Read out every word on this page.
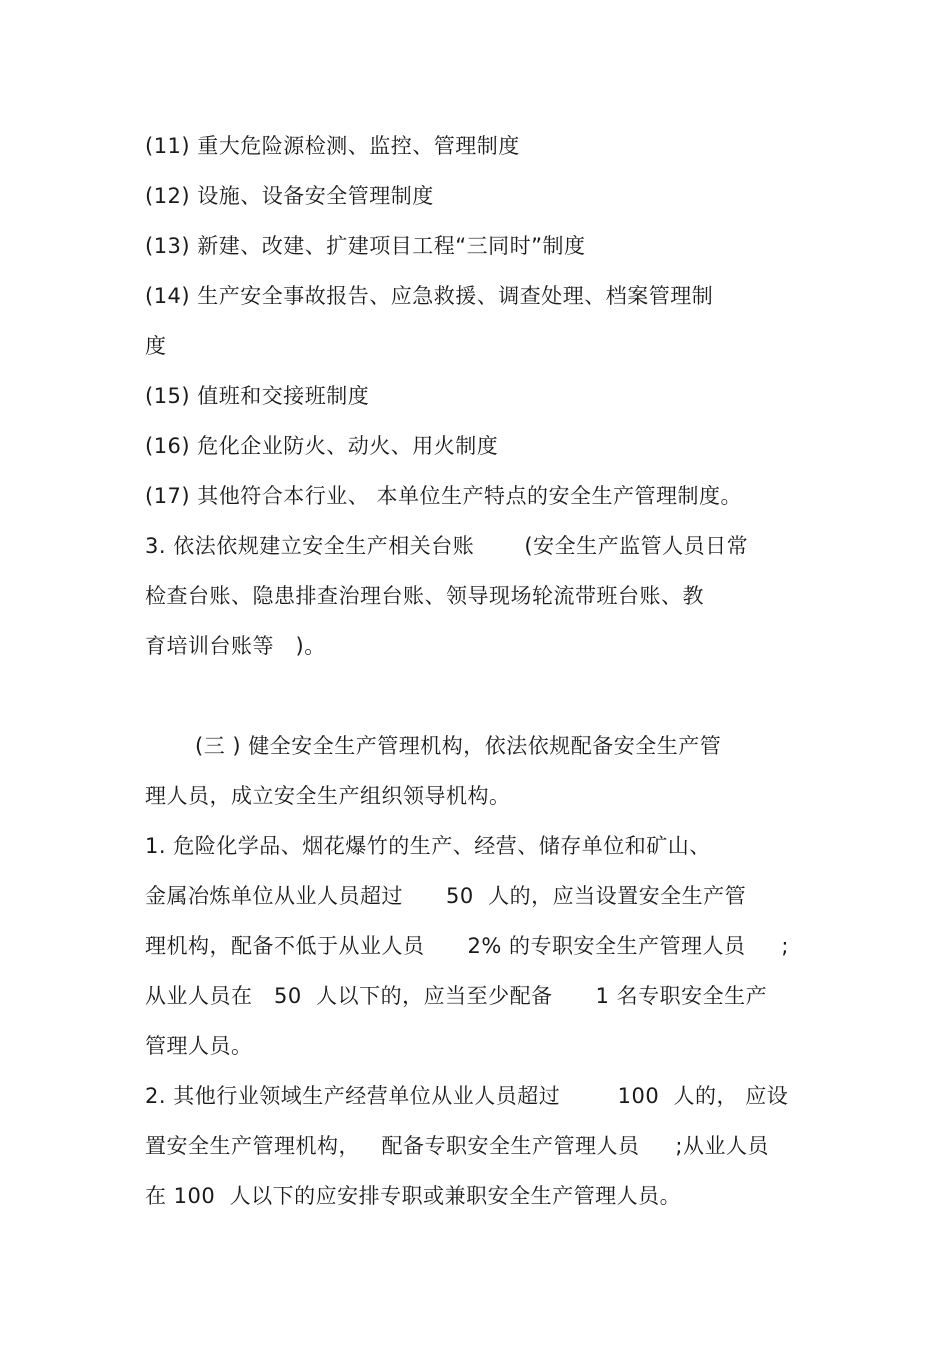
(11) 重大危险源检测、监控、管理制度
(12) 设施、设备安全管理制度
(13) 新建、改建、扩建项目工程“三同时”制度
(14) 生产安全事故报告、应急救援、调查处理、档案管理制
度
(15) 值班和交接班制度
(16) 危化企业防火、动火、用火制度
(17) 其他符合本行业、 本单位生产特点的安全生产管理制度。
3. 依法依规建立安全生产相关台账       (安全生产监管人员日常
检查台账、隐患排查治理台账、领导现场轮流带班台账、教
育培训台账等   )。
(三 ) 健全安全生产管理机构，依法依规配备安全生产管
理人员，成立安全生产组织领导机构。
1. 危险化学品、烟花爆竹的生产、经营、储存单位和矿山、
金属冶炼单位从业人员超过      50  人的，应当设置安全生产管
理机构，配备不低于从业人员      2% 的专职安全生产管理人员     ;
从业人员在   50  人以下的，应当至少配备      1 名专职安全生产
管理人员。
2. 其他行业领域生产经营单位从业人员超过        100  人的， 应设
置安全生产管理机构，   配备专职安全生产管理人员     ;从业人员
在 100  人以下的应安排专职或兼职安全生产管理人员。
